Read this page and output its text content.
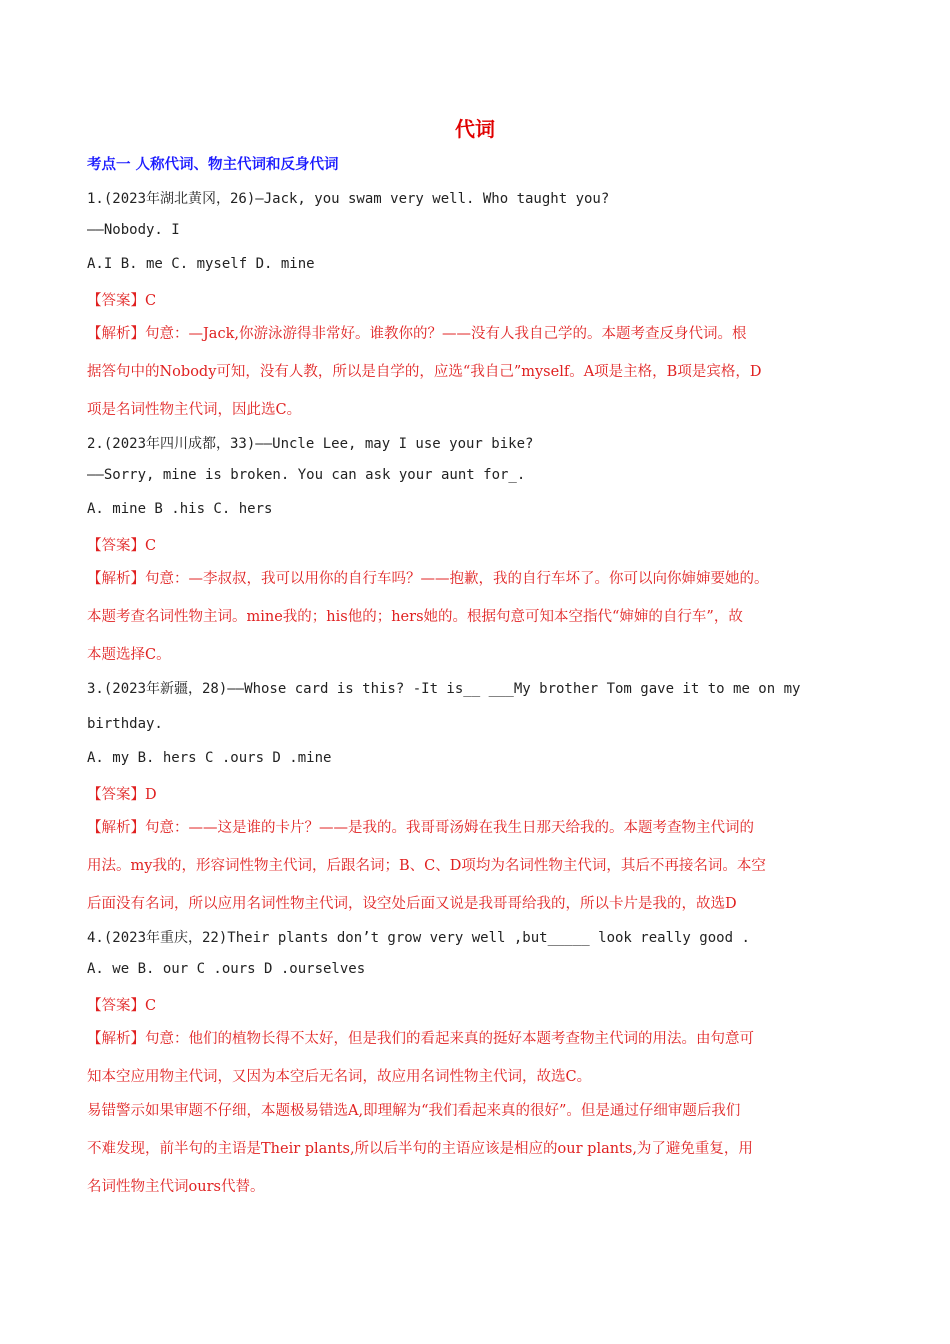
代词
考点一 人称代词、物主代词和反身代词
1.(2023年湖北黄冈，26)—Jack, you swam very well. Who taught you?
——Nobody. I
A.I B. me C. myself D. mine
【答案】C
【解析】句意：—Jack,你游泳游得非常好。谁教你的？——没有人我自己学的。本题考查反身代词。根
据答句中的Nobody可知，没有人教，所以是自学的，应选“我自己”myself。A项是主格，B项是宾格，D
项是名词性物主代词，因此选C。
2.(2023年四川成都，33)——Uncle Lee, may I use your bike?
——Sorry, mine is broken. You can ask your aunt for_.
A. mine B .his C. hers
【答案】C
【解析】句意：—李叔叔，我可以用你的自行车吗？——抱歉，我的自行车坏了。你可以向你婶婶要她的。
本题考查名词性物主词。mine我的；his他的；hers她的。根据句意可知本空指代“婶婶的自行车”，故
本题选择C。
3.(2023年新疆，28)——Whose card is this? -It is__ ___My brother Tom gave it to me on my
birthday.
A. my B. hers C .ours D .mine
【答案】D
【解析】句意：——这是谁的卡片？——是我的。我哥哥汤姆在我生日那天给我的。本题考查物主代词的
用法。my我的，形容词性物主代词，后跟名词；B、C、D项均为名词性物主代词，其后不再接名词。本空
后面没有名词，所以应用名词性物主代词，设空处后面又说是我哥哥给我的，所以卡片是我的，故选D
4.(2023年重庆，22)Their plants don’t grow very well ,but_____ look really good .
A. we B. our C .ours D .ourselves
【答案】C
【解析】句意：他们的植物长得不太好，但是我们的看起来真的挺好本题考查物主代词的用法。由句意可
知本空应用物主代词，又因为本空后无名词，故应用名词性物主代词，故选C。
易错警示如果审题不仔细，本题极易错选A,即理解为“我们看起来真的很好”。但是通过仔细审题后我们
不难发现，前半句的主语是Their plants,所以后半句的主语应该是相应的our plants,为了避免重复，用
名词性物主代词ours代替。
